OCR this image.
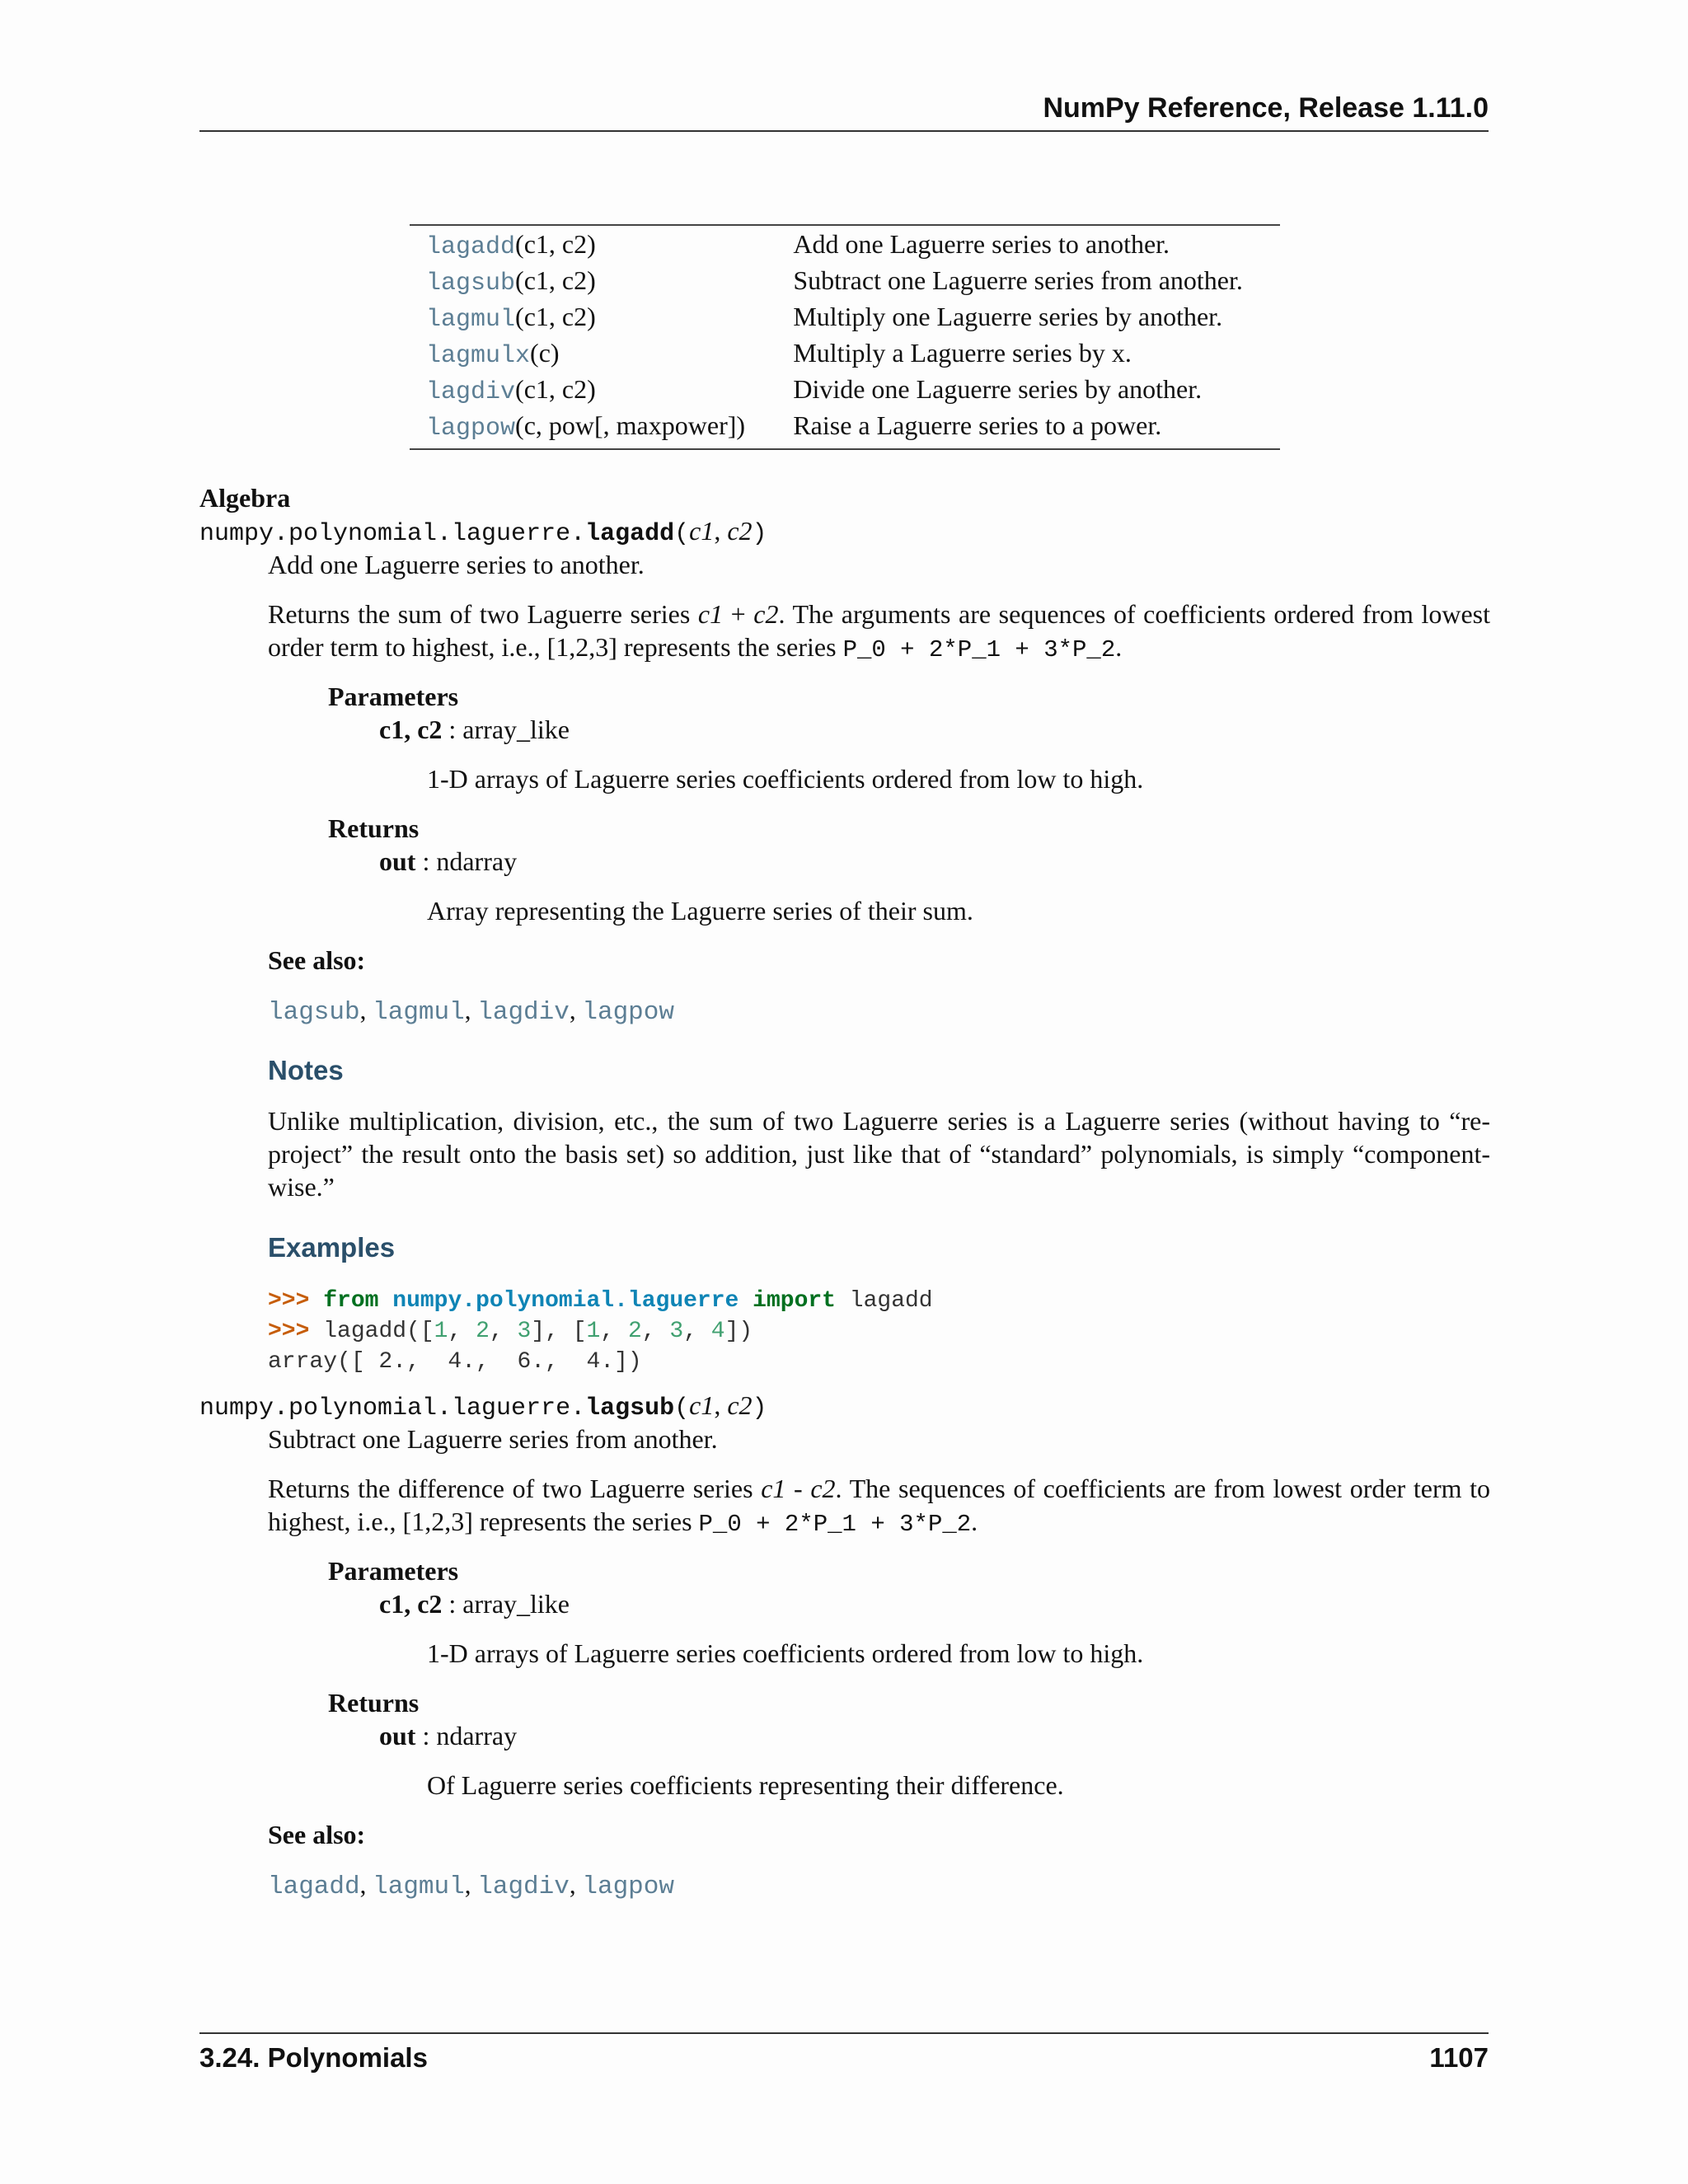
NumPy Reference, Release 1.11.0
lagadd(c1, c2)	Add one Laguerre series to another.
lagsub(c1, c2)	Subtract one Laguerre series from another.
lagmul(c1, c2)	Multiply one Laguerre series by another.
lagmulx(c)	Multiply a Laguerre series by x.
lagdiv(c1, c2)	Divide one Laguerre series by another.
lagpow(c, pow[, maxpower])	Raise a Laguerre series to a power.
Algebra
numpy.polynomial.laguerre.lagadd(c1, c2)
Add one Laguerre series to another.
Returns the sum of two Laguerre series c1 + c2. The arguments are sequences of coefficients ordered from lowest order term to highest, i.e., [1,2,3] represents the series P_0 + 2*P_1 + 3*P_2.
Parameters
c1, c2 : array_like
1-D arrays of Laguerre series coefficients ordered from low to high.
Returns
out : ndarray
Array representing the Laguerre series of their sum.
See also:
lagsub, lagmul, lagdiv, lagpow
Notes
Unlike multiplication, division, etc., the sum of two Laguerre series is a Laguerre series (without having to “re-project” the result onto the basis set) so addition, just like that of “standard” polynomials, is simply “component-wise.”
Examples
>>> from numpy.polynomial.laguerre import lagadd
>>> lagadd([1, 2, 3], [1, 2, 3, 4])
array([ 2.,  4.,  6.,  4.])
numpy.polynomial.laguerre.lagsub(c1, c2)
Subtract one Laguerre series from another.
Returns the difference of two Laguerre series c1 - c2. The sequences of coefficients are from lowest order term to highest, i.e., [1,2,3] represents the series P_0 + 2*P_1 + 3*P_2.
Parameters
c1, c2 : array_like
1-D arrays of Laguerre series coefficients ordered from low to high.
Returns
out : ndarray
Of Laguerre series coefficients representing their difference.
See also:
lagadd, lagmul, lagdiv, lagpow
3.24. Polynomials	1107
